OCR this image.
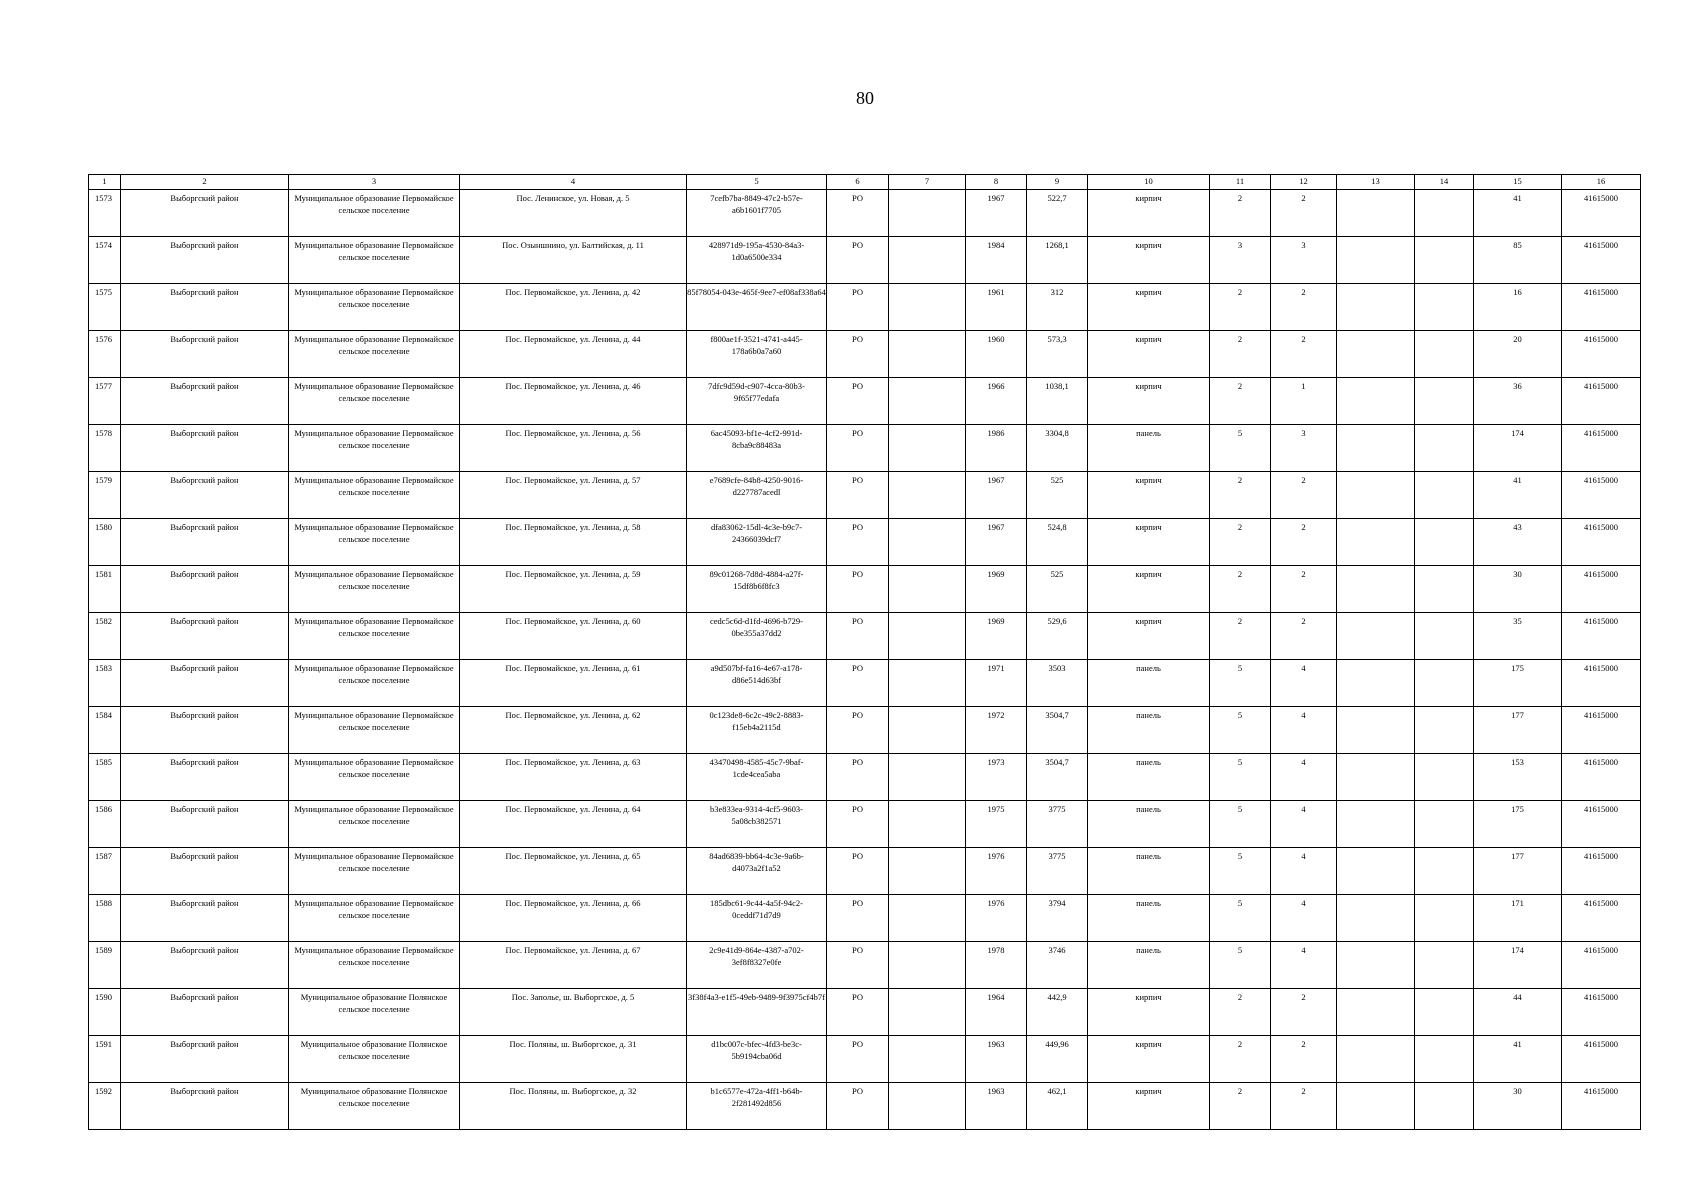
80
1	2	3	4	5	6	7	8	9	10	11	12	13	14	15	16
1573	Выборгский район	Муниципальное образование Первомайское сельское поселение	Пос. Ленинское, ул. Новая, д. 5	7cefb7ba-8849-47c2-b57e-a6b1601f7705	РО		1967	522,7	кирпич	2	2			41	41615000
1574	Выборгский район	Муниципальное образование Первомайское сельское поселение	Пос. Озыншнино, ул. Балтийская, д. 11	428971d9-195a-4530-84a3-1d0a6500e334	РО		1984	1268,1	кирпич	3	3			85	41615000
1575	Выборгский район	Муниципальное образование Первомайское сельское поселение	Пос. Первомайское, ул. Ленина, д. 42	85f78054-043e-465f-9ee7-ef08af338a64	РО		1961	312	кирпич	2	2			16	41615000
1576	Выборгский район	Муниципальное образование Первомайское сельское поселение	Пос. Первомайское, ул. Ленина, д. 44	f800ae1f-3521-4741-a445-178a6b0a7a60	РО		1960	573,3	кирпич	2	2			20	41615000
1577	Выборгский район	Муниципальное образование Первомайское сельское поселение	Пос. Первомайское, ул. Ленина, д. 46	7dfc9d59d-c907-4cca-80b3-9f65f77edafa	РО		1966	1038,1	кирпич	2	1			36	41615000
1578	Выборгский район	Муниципальное образование Первомайское сельское поселение	Пос. Первомайское, ул. Ленина, д. 56	6ac45093-bf1e-4cf2-991d-8cba9c88483a	РО		1986	3304,8	панель	5	3			174	41615000
1579	Выборгский район	Муниципальное образование Первомайское сельское поселение	Пос. Первомайское, ул. Ленина, д. 57	e7689cfe-84b8-4250-9016-d227787acedl	РО		1967	525	кирпич	2	2			41	41615000
1580	Выборгский район	Муниципальное образование Первомайское сельское поселение	Пос. Первомайское, ул. Ленина, д. 58	dfa83062-15dl-4c3e-b9c7-24366039dcf7	РО		1967	524,8	кирпич	2	2			43	41615000
1581	Выборгский район	Муниципальное образование Первомайское сельское поселение	Пос. Первомайское, ул. Ленина, д. 59	89c01268-7d8d-4884-a27f-15df8b6f8fc3	РО		1969	525	кирпич	2	2			30	41615000
1582	Выборгский район	Муниципальное образование Первомайское сельское поселение	Пос. Первомайское, ул. Ленина, д. 60	cedc5c6d-d1fd-4696-b729-0be355a37dd2	РО		1969	529,6	кирпич	2	2			35	41615000
1583	Выборгский район	Муниципальное образование Первомайское сельское поселение	Пос. Первомайское, ул. Ленина, д. 61	a9d507bf-fa16-4e67-a178-d86e514d63bf	РО		1971	3503	панель	5	4			175	41615000
1584	Выборгский район	Муниципальное образование Первомайское сельское поселение	Пос. Первомайское, ул. Ленина, д. 62	0c123de8-6c2c-49c2-8883-f15eb4a2115d	РО		1972	3504,7	панель	5	4			177	41615000
1585	Выборгский район	Муниципальное образование Первомайское сельское поселение	Пос. Первомайское, ул. Ленина, д. 63	43470498-4585-45c7-9baf-1cde4cea5aba	РО		1973	3504,7	панель	5	4			153	41615000
1586	Выборгский район	Муниципальное образование Первомайское сельское поселение	Пос. Первомайское, ул. Ленина, д. 64	b3e833ea-9314-4cf5-9603-5a08cb382571	РО		1975	3775	панель	5	4			175	41615000
1587	Выборгский район	Муниципальное образование Первомайское сельское поселение	Пос. Первомайское, ул. Ленина, д. 65	84ad6839-bb64-4c3e-9a6b-d4073a2f1a52	РО		1976	3775	панель	5	4			177	41615000
1588	Выборгский район	Муниципальное образование Первомайское сельское поселение	Пос. Первомайское, ул. Ленина, д. 66	185dbc61-9c44-4a5f-94c2-0ceddf71d7d9	РО		1976	3794	панель	5	4			171	41615000
1589	Выборгский район	Муниципальное образование Первомайское сельское поселение	Пос. Первомайское, ул. Ленина, д. 67	2c9e41d9-864e-4387-a702-3ef8f8327e0fe	РО		1978	3746	панель	5	4			174	41615000
1590	Выборгский район	Муниципальное образование Полянское сельское поселение	Пос. Заполье, ш. Выборгское, д. 5	3f38f4a3-e1f5-49eb-9489-9f3975cf4b7f	РО		1964	442,9	кирпич	2	2			44	41615000
1591	Выборгский район	Муниципальное образование Полянское сельское поселение	Пос. Поляны, ш. Выборгское, д. 31	d1bc007c-bfec-4fd3-be3c-5b9194cba06d	РО		1963	449,96	кирпич	2	2			41	41615000
1592	Выборгский район	Муниципальное образование Полянское сельское поселение	Пос. Поляны, ш. Выборгское, д. 32	b1c6577e-472a-4ff1-b64b-2f281492d856	РО		1963	462,1	кирпич	2	2			30	41615000
